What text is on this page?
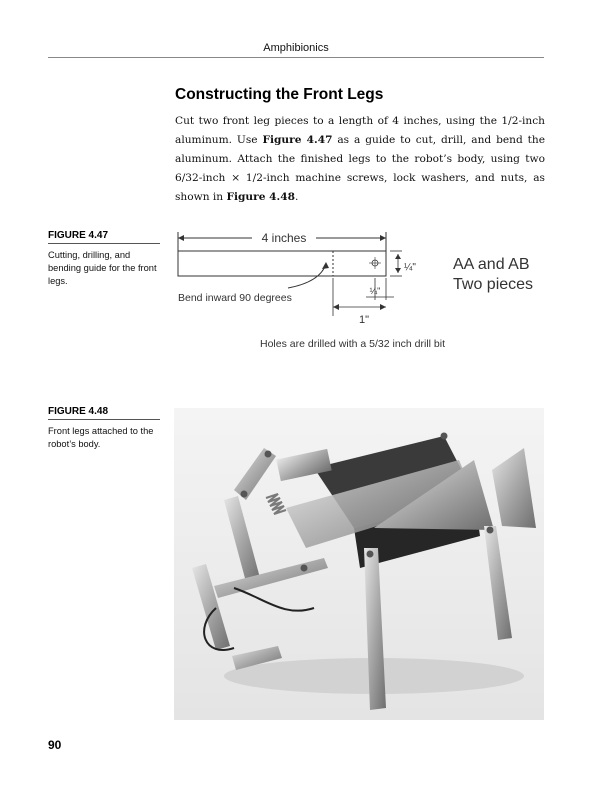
Amphibionics
Constructing the Front Legs

Cut two front leg pieces to a length of 4 inches, using the 1/2-inch aluminum. Use Figure 4.47 as a guide to cut, drill, and bend the aluminum. Attach the finished legs to the robot’s body, using two 6/32-inch × 1/2-inch machine screws, lock washers, and nuts, as shown in Figure 4.48.

FIGURE 4.47
Cutting, drilling, and bending guide for the front legs.
4 inches
¼"
Bend inward 90 degrees
¼"
1"
AA and AB
Two pieces
Holes are drilled with a 5/32 inch drill bit
FIGURE 4.48
Front legs attached to the robot’s body.
90
